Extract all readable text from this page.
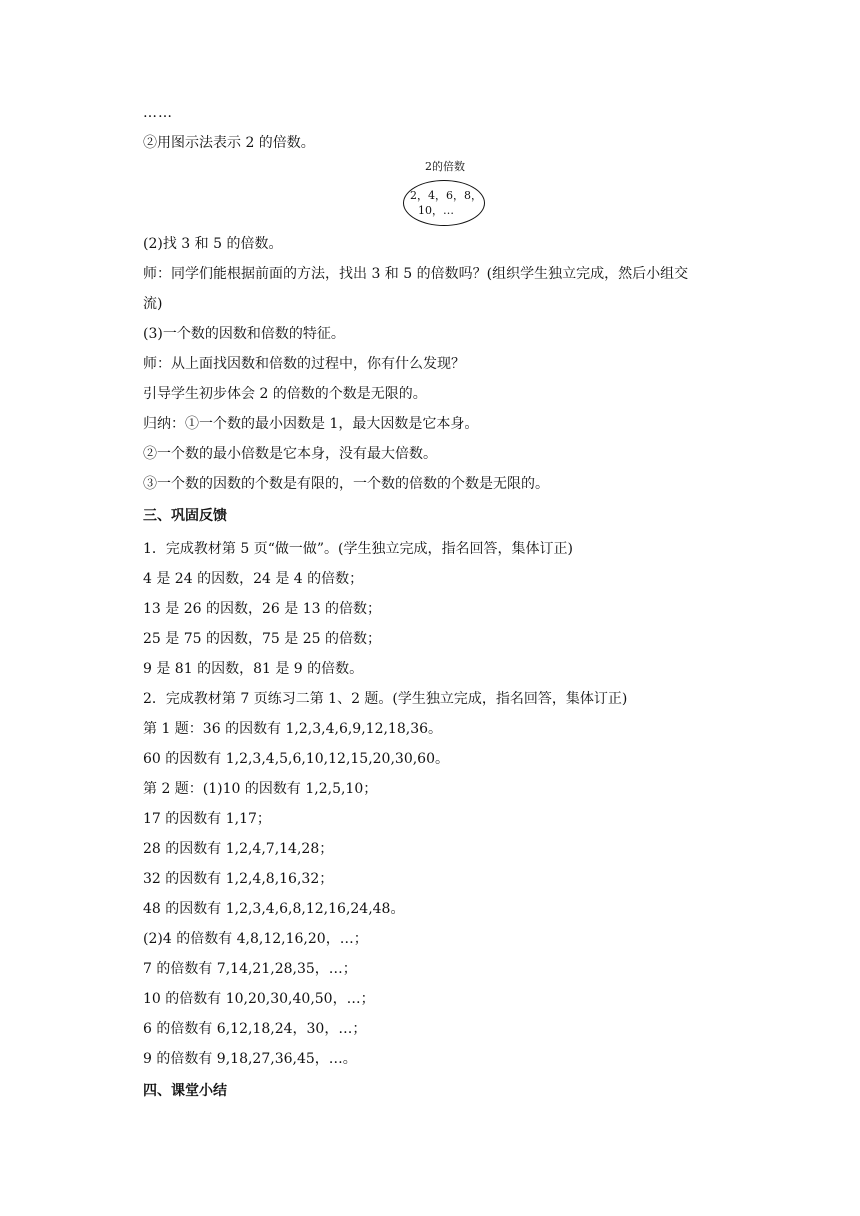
……
②用图示法表示 2 的倍数。
2的倍数
2，4，6，8，
10，…
(2)找 3 和 5 的倍数。
师：同学们能根据前面的方法，找出 3 和 5 的倍数吗？(组织学生独立完成，然后小组交
流)
(3)一个数的因数和倍数的特征。
师：从上面找因数和倍数的过程中，你有什么发现？
引导学生初步体会 2 的倍数的个数是无限的。
归纳：①一个数的最小因数是 1，最大因数是它本身。
②一个数的最小倍数是它本身，没有最大倍数。
③一个数的因数的个数是有限的，一个数的倍数的个数是无限的。
三、巩固反馈
1．完成教材第 5 页“做一做”。(学生独立完成，指名回答，集体订正)
4 是 24 的因数，24 是 4 的倍数；
13 是 26 的因数，26 是 13 的倍数；
25 是 75 的因数，75 是 25 的倍数；
9 是 81 的因数，81 是 9 的倍数。
2．完成教材第 7 页练习二第 1、2 题。(学生独立完成，指名回答，集体订正)
第 1 题：36 的因数有 1,2,3,4,6,9,12,18,36。
60 的因数有 1,2,3,4,5,6,10,12,15,20,30,60。
第 2 题：(1)10 的因数有 1,2,5,10；
17 的因数有 1,17；
28 的因数有 1,2,4,7,14,28；
32 的因数有 1,2,4,8,16,32；
48 的因数有 1,2,3,4,6,8,12,16,24,48。
(2)4 的倍数有 4,8,12,16,20，…；
7 的倍数有 7,14,21,28,35，…；
10 的倍数有 10,20,30,40,50，…；
6 的倍数有 6,12,18,24，30，…；
9 的倍数有 9,18,27,36,45，…。
四、课堂小结
